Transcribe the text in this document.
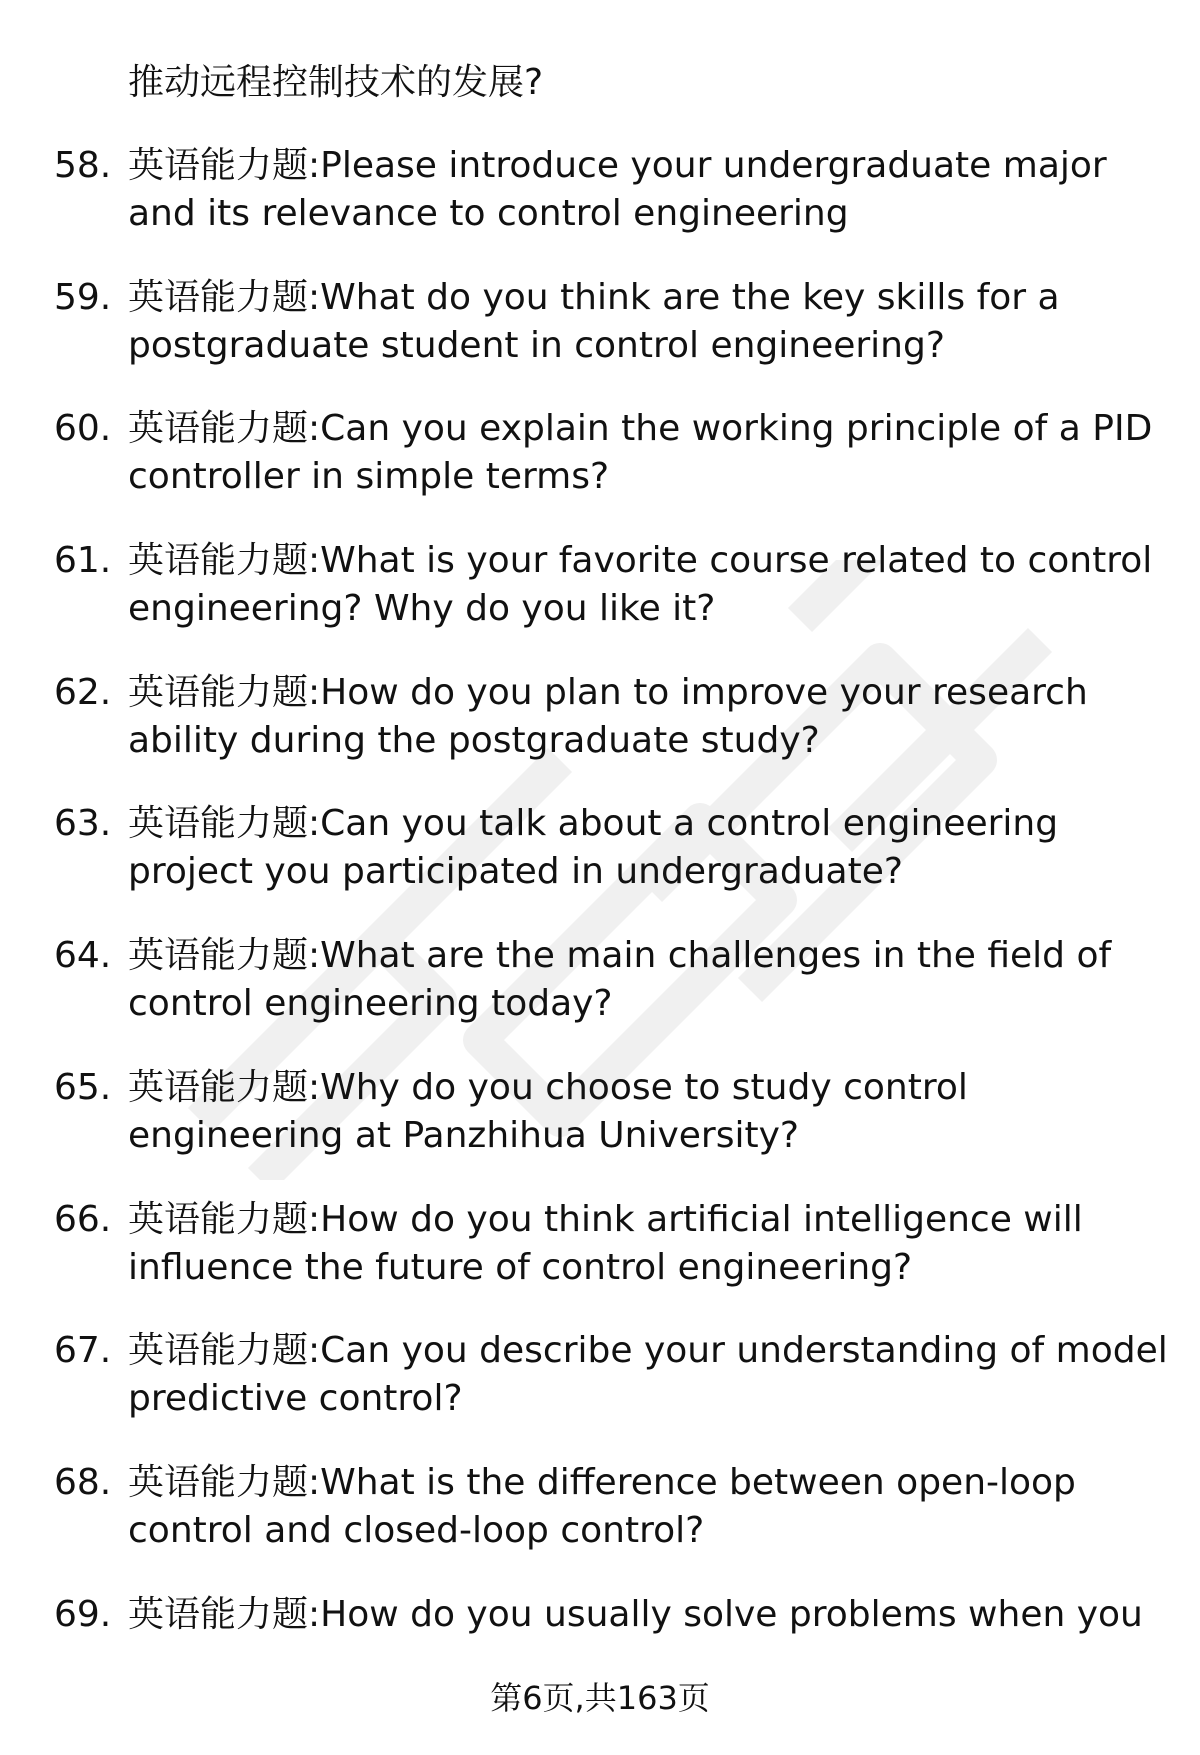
推动远程控制技术的发展?

58. 英语能力题:Please introduce your undergraduate major
and its relevance to control engineering

59. 英语能力题:What do you think are the key skills for a
postgraduate student in control engineering?

60. 英语能力题:Can you explain the working principle of a PID
controller in simple terms?

61. 英语能力题:What is your favorite course related to control
engineering? Why do you like it?

62. 英语能力题:How do you plan to improve your research
ability during the postgraduate study?

63. 英语能力题:Can you talk about a control engineering
project you participated in undergraduate?

64. 英语能力题:What are the main challenges in the field of
control engineering today?

65. 英语能力题:Why do you choose to study control
engineering at Panzhihua University?

66. 英语能力题:How do you think artificial intelligence will
influence the future of control engineering?

67. 英语能力题:Can you describe your understanding of model
predictive control?

68. 英语能力题:What is the difference between open-loop
control and closed-loop control?

69. 英语能力题:How do you usually solve problems when you

第6页,共163页
